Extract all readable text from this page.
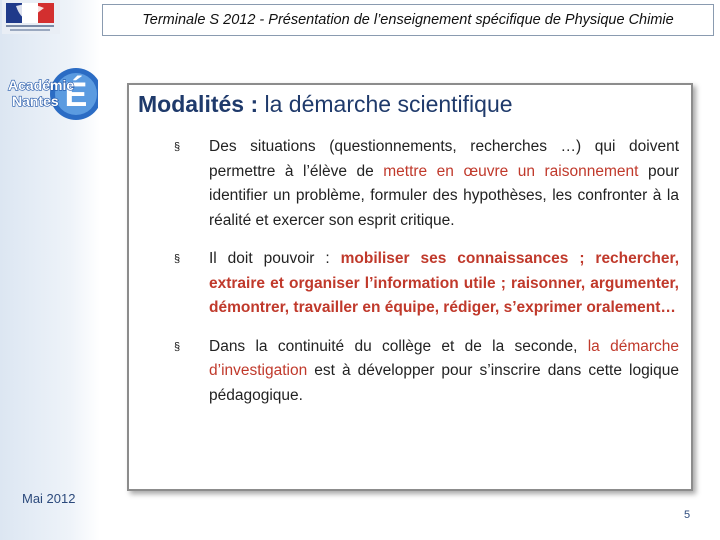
É
Académie
Nantes
Terminale S 2012 - Présentation de l’enseignement spécifique de Physique Chimie
Modalités : la démarche scientifique
§ Des situations (questionnements, recherches …) qui doivent permettre à l’élève de mettre en œuvre un raisonnement pour identifier un problème, formuler des hypothèses, les confronter à la réalité et exercer son esprit critique.
§ Il doit pouvoir : mobiliser ses connaissances ; rechercher, extraire et organiser l’information utile ; raisonner, argumenter, démontrer, travailler en équipe, rédiger, s’exprimer oralement…
§ Dans la continuité du collège et de la seconde, la démarche d’investigation est à développer pour s’inscrire dans cette logique pédagogique.
Mai 2012
5
